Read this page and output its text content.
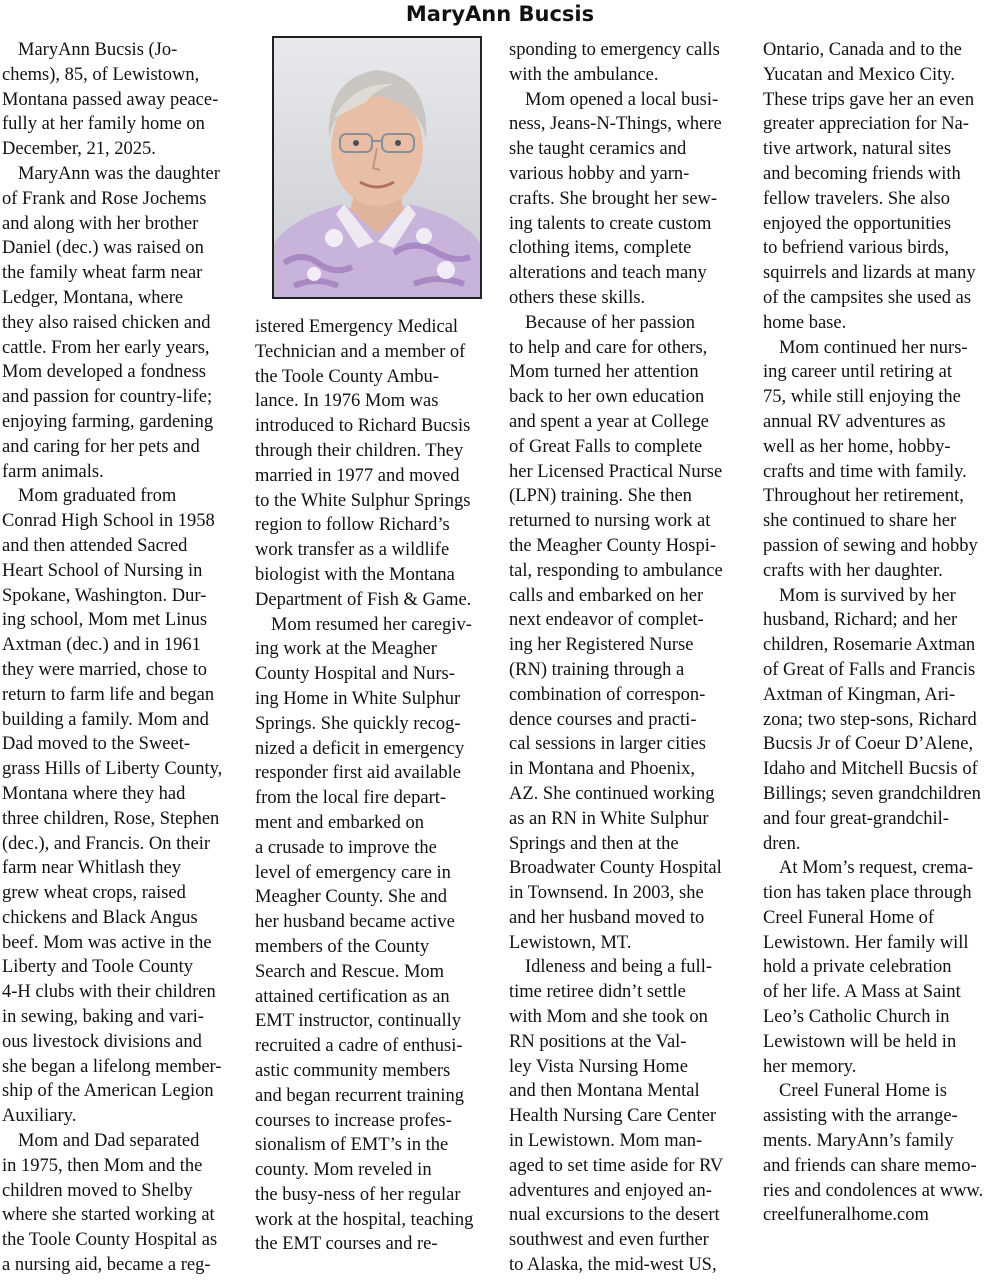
MaryAnn Bucsis
MaryAnn Bucsis (Jo-
chems), 85, of Lewistown,
Montana passed away peace-
fully at her family home on
December, 21, 2025.
MaryAnn was the daughter
of Frank and Rose Jochems
and along with her brother
Daniel (dec.) was raised on
the family wheat farm near
Ledger, Montana, where
they also raised chicken and
cattle. From her early years,
Mom developed a fondness
and passion for country-life;
enjoying farming, gardening
and caring for her pets and
farm animals.
Mom graduated from
Conrad High School in 1958
and then attended Sacred
Heart School of Nursing in
Spokane, Washington. Dur-
ing school, Mom met Linus
Axtman (dec.) and in 1961
they were married, chose to
return to farm life and began
building a family. Mom and
Dad moved to the Sweet-
grass Hills of Liberty County,
Montana where they had
three children, Rose, Stephen
(dec.), and Francis. On their
farm near Whitlash they
grew wheat crops, raised
chickens and Black Angus
beef. Mom was active in the
Liberty and Toole County
4-H clubs with their children
in sewing, baking and vari-
ous livestock divisions and
she began a lifelong member-
ship of the American Legion
Auxiliary.
Mom and Dad separated
in 1975, then Mom and the
children moved to Shelby
where she started working at
the Toole County Hospital as
a nursing aid, became a reg-
istered Emergency Medical
Technician and a member of
the Toole County Ambu-
lance. In 1976 Mom was
introduced to Richard Bucsis
through their children. They
married in 1977 and moved
to the White Sulphur Springs
region to follow Richard’s
work transfer as a wildlife
biologist with the Montana
Department of Fish & Game.
Mom resumed her caregiv-
ing work at the Meagher
County Hospital and Nurs-
ing Home in White Sulphur
Springs. She quickly recog-
nized a deficit in emergency
responder first aid available
from the local fire depart-
ment and embarked on
a crusade to improve the
level of emergency care in
Meagher County. She and
her husband became active
members of the County
Search and Rescue. Mom
attained certification as an
EMT instructor, continually
recruited a cadre of enthusi-
astic community members
and began recurrent training
courses to increase profes-
sionalism of EMT’s in the
county. Mom reveled in
the busy-ness of her regular
work at the hospital, teaching
the EMT courses and re-
sponding to emergency calls
with the ambulance.
Mom opened a local busi-
ness, Jeans-N-Things, where
she taught ceramics and
various hobby and yarn-
crafts. She brought her sew-
ing talents to create custom
clothing items, complete
alterations and teach many
others these skills.
Because of her passion
to help and care for others,
Mom turned her attention
back to her own education
and spent a year at College
of Great Falls to complete
her Licensed Practical Nurse
(LPN) training. She then
returned to nursing work at
the Meagher County Hospi-
tal, responding to ambulance
calls and embarked on her
next endeavor of complet-
ing her Registered Nurse
(RN) training through a
combination of correspon-
dence courses and practi-
cal sessions in larger cities
in Montana and Phoenix,
AZ. She continued working
as an RN in White Sulphur
Springs and then at the
Broadwater County Hospital
in Townsend. In 2003, she
and her husband moved to
Lewistown, MT.
Idleness and being a full-
time retiree didn’t settle
with Mom and she took on
RN positions at the Val-
ley Vista Nursing Home
and then Montana Mental
Health Nursing Care Center
in Lewistown. Mom man-
aged to set time aside for RV
adventures and enjoyed an-
nual excursions to the desert
southwest and even further
to Alaska, the mid-west US,
Ontario, Canada and to the
Yucatan and Mexico City.
These trips gave her an even
greater appreciation for Na-
tive artwork, natural sites
and becoming friends with
fellow travelers. She also
enjoyed the opportunities
to befriend various birds,
squirrels and lizards at many
of the campsites she used as
home base.
Mom continued her nurs-
ing career until retiring at
75, while still enjoying the
annual RV adventures as
well as her home, hobby-
crafts and time with family.
Throughout her retirement,
she continued to share her
passion of sewing and hobby
crafts with her daughter.
Mom is survived by her
husband, Richard; and her
children, Rosemarie Axtman
of Great of Falls and Francis
Axtman of Kingman, Ari-
zona; two step-sons, Richard
Bucsis Jr of Coeur D’Alene,
Idaho and Mitchell Bucsis of
Billings; seven grandchildren
and four great-grandchil-
dren.
At Mom’s request, crema-
tion has taken place through
Creel Funeral Home of
Lewistown. Her family will
hold a private celebration
of her life. A Mass at Saint
Leo’s Catholic Church in
Lewistown will be held in
her memory.
Creel Funeral Home is
assisting with the arrange-
ments. MaryAnn’s family
and friends can share memo-
ries and condolences at www.
creelfuneralhome.com
